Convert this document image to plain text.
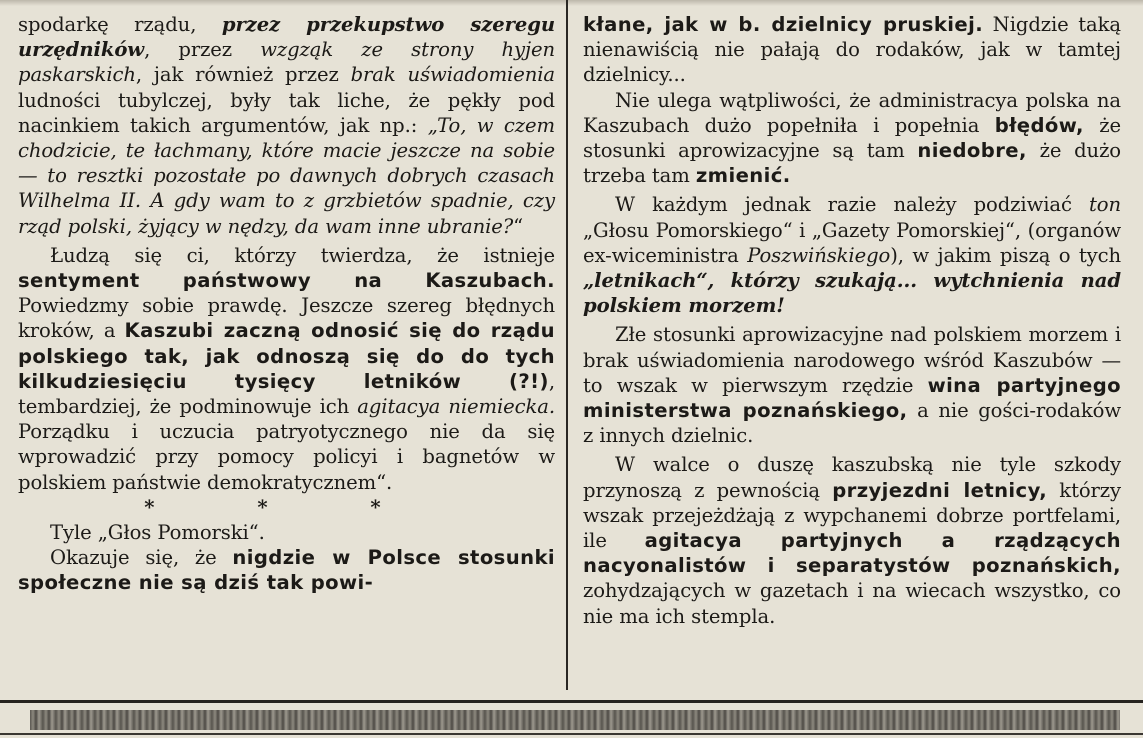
spodarkę rządu, przez przekupstwo szeregu urzędników, przez wzgząk ze strony hyjen paskarskich, jak również przez brak uświadomienia ludności tubylczej, były tak liche, że pękły pod nacinkiem takich argumentów, jak np.: „To, w czem chodzicie, te łachmany, które macie jeszcze na sobie — to resztki pozostałe po dawnych dobrych czasach Wilhelma II. A gdy wam to z grzbietów spadnie, czy rząd polski, żyjący w nędzy, da wam inne ubranie?“

Łudzą się ci, którzy twierdza, że istnieje sentyment państwowy na Kaszubach. Powiedzmy sobie prawdę. Jeszcze szereg błędnych kroków, a Kaszubi zaczną odnosić się do rządu polskiego tak, jak odnoszą się do do tych kilkudziesięciu tysięcy letników (?!), tembardziej, że podminowuje ich agitacya niemiecka. Porządku i uczucia patryotycznego nie da się wprowadzić przy pomocy policyi i bagnetów w polskiem państwie demokratycznem“.

* * *

Tyle „Głos Pomorski“.

Okazuje się, że nigdzie w Polsce stosunki społeczne nie są dziś tak powi-

kłane, jak w b. dzielnicy pruskiej. Nigdzie taką nienawiścią nie pałają do rodaków, jak w tamtej dzielnicy...

Nie ulega wątpliwości, że administracya polska na Kaszubach dużo popełniła i popełnia błędów, że stosunki aprowizacyjne są tam niedobre, że dużo trzeba tam zmienić.

W każdym jednak razie należy podziwiać ton „Głosu Pomorskiego“ i „Gazety Pomorskiej“, (organów ex-wiceministra Poszwińskiego), w jakim piszą o tych „letnikach“, którzy szukają... wytchnienia nad polskiem morzem!

Złe stosunki aprowizacyjne nad polskiem morzem i brak uświadomienia narodowego wśród Kaszubów — to wszak w pierwszym rzędzie wina partyjnego ministerstwa poznańskiego, a nie gości-rodaków z innych dzielnic.

W walce o duszę kaszubską nie tyle szkody przynoszą z pewnością przyjezdni letnicy, którzy wszak przejeżdżają z wypchanemi dobrze portfelami, ile agitacya partyjnych a rządzących nacyonalistów i separatystów poznańskich, zohydzających w gazetach i na wiecach wszystko, co nie ma ich stempla.
